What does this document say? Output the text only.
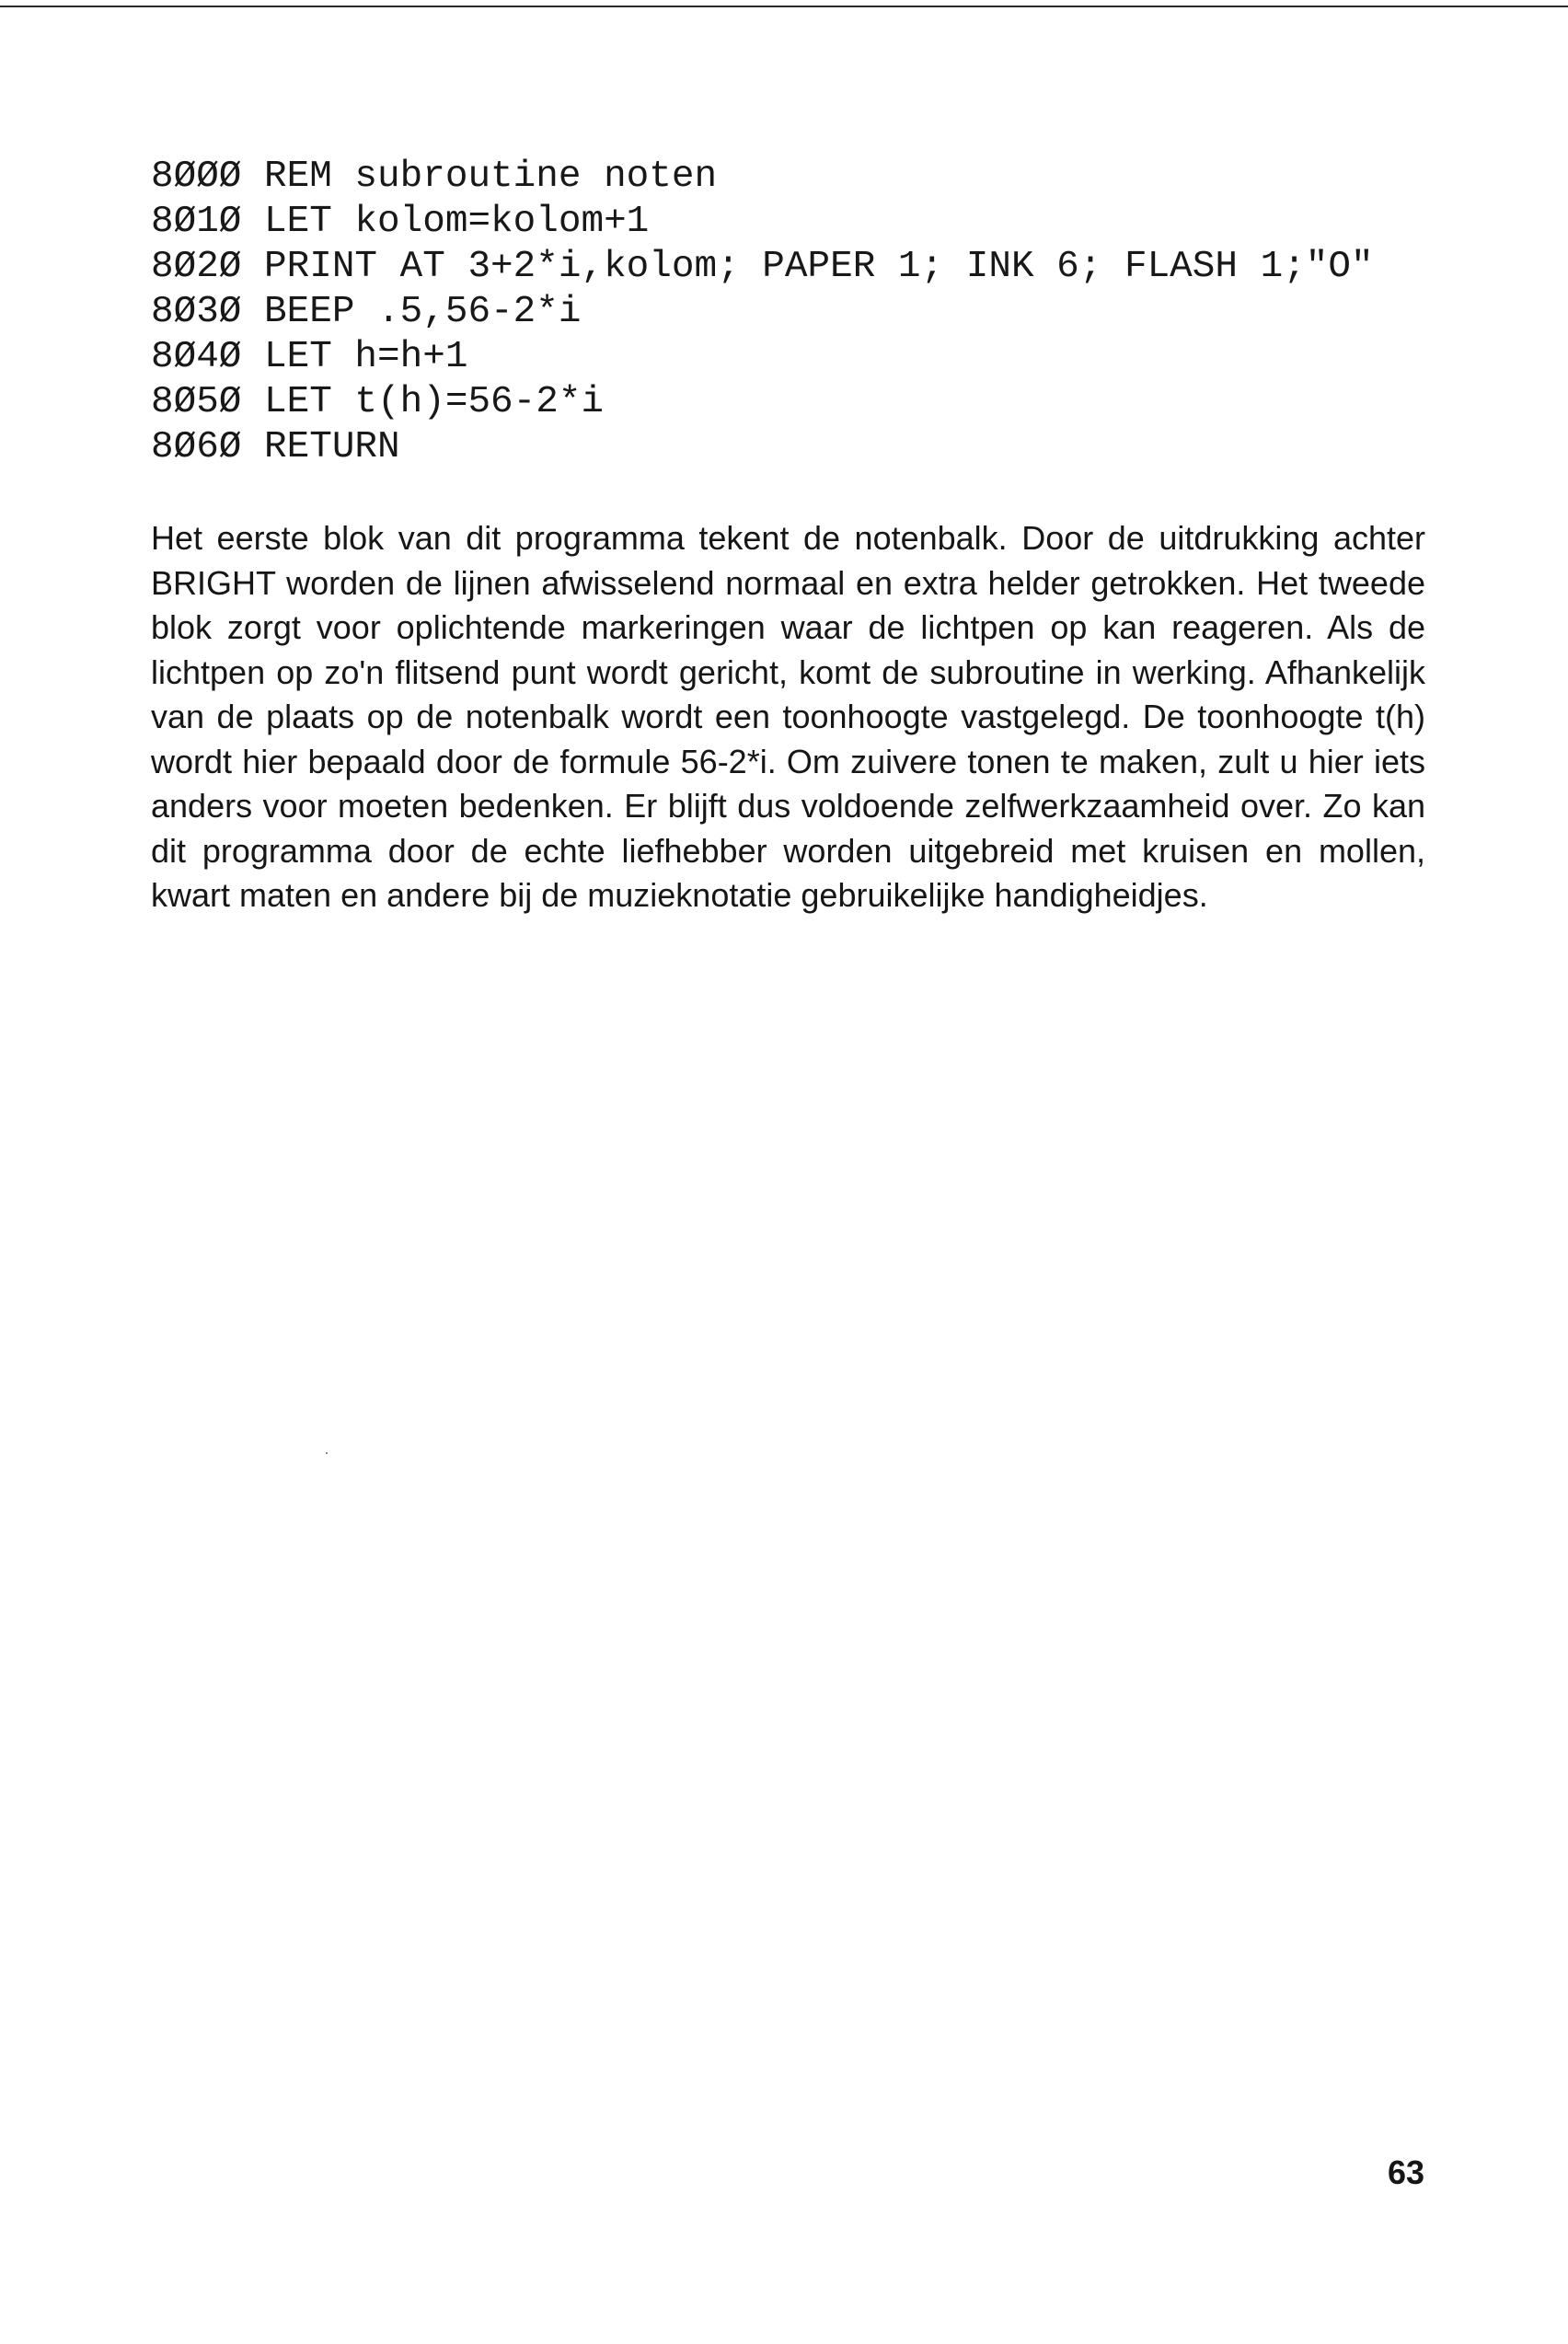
8ØØØ REM subroutine noten
8Ø1Ø LET kolom=kolom+1
8Ø2Ø PRINT AT 3+2*i,kolom; PAPER 1; INK 6; FLASH 1;"O"
8Ø3Ø BEEP .5,56-2*i
8Ø4Ø LET h=h+1
8Ø5Ø LET t(h)=56-2*i
8Ø6Ø RETURN

Het eerste blok van dit programma tekent de notenbalk. Door de uitdrukking achter BRIGHT worden de lijnen afwisselend normaal en extra helder getrokken. Het tweede blok zorgt voor oplichtende markeringen waar de lichtpen op kan reageren. Als de lichtpen op zo'n flitsend punt wordt gericht, komt de subroutine in werking. Afhankelijk van de plaats op de notenbalk wordt een toonhoogte vastgelegd. De toonhoogte t(h) wordt hier bepaald door de formule 56-2*i. Om zuivere tonen te maken, zult u hier iets anders voor moeten bedenken. Er blijft dus voldoende zelfwerkzaamheid over. Zo kan dit programma door de echte liefhebber worden uitgebreid met kruisen en mollen, kwart maten en andere bij de muzieknotatie gebruikelijke handigheidjes.

63
